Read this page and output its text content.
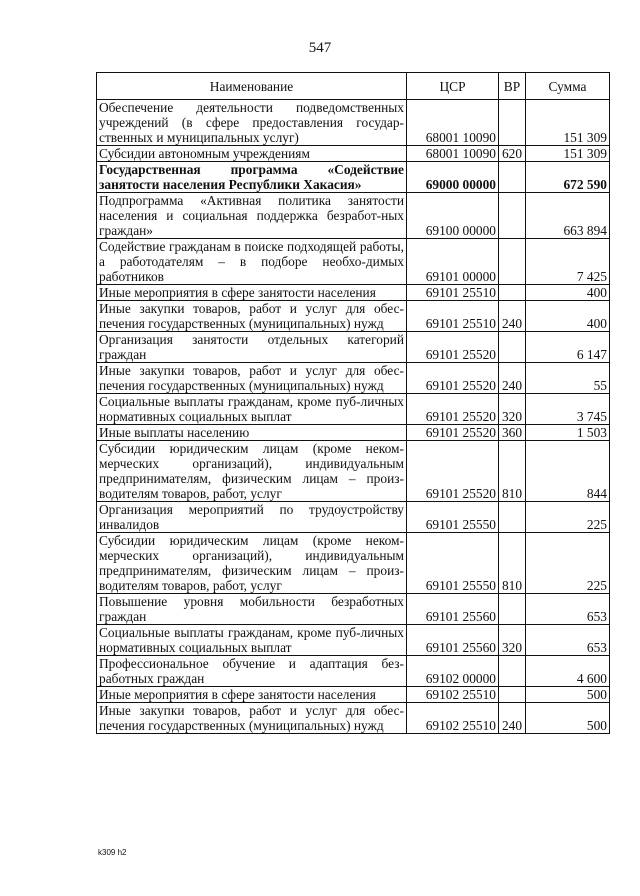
547
Наименование	ЦСР	ВР	Сумма
Обеспечение деятельности подведомственных учреждений (в сфере предоставления государ-ственных и муниципальных услуг)	68001 10090		151 309
Субсидии автономным учреждениям	68001 10090	620	151 309
Государственная программа «Содействие занятости населения Республики Хакасия»	69000 00000		672 590
Подпрограмма «Активная политика занятости населения и социальная поддержка безработ-ных граждан»	69100 00000		663 894
Содействие гражданам в поиске подходящей работы, а работодателям – в подборе необхо-димых работников	69101 00000		7 425
Иные мероприятия в сфере занятости населения	69101 25510		400
Иные закупки товаров, работ и услуг для обес-печения государственных (муниципальных) нужд	69101 25510	240	400
Организация занятости отдельных категорий граждан	69101 25520		6 147
Иные закупки товаров, работ и услуг для обес-печения государственных (муниципальных) нужд	69101 25520	240	55
Социальные выплаты гражданам, кроме пуб-личных нормативных социальных выплат	69101 25520	320	3 745
Иные выплаты населению	69101 25520	360	1 503
Субсидии юридическим лицам (кроме неком-мерческих организаций), индивидуальным предпринимателям, физическим лицам – произ-водителям товаров, работ, услуг	69101 25520	810	844
Организация мероприятий по трудоустройству инвалидов	69101 25550		225
Субсидии юридическим лицам (кроме неком-мерческих организаций), индивидуальным предпринимателям, физическим лицам – произ-водителям товаров, работ, услуг	69101 25550	810	225
Повышение уровня мобильности безработных граждан	69101 25560		653
Социальные выплаты гражданам, кроме пуб-личных нормативных социальных выплат	69101 25560	320	653
Профессиональное обучение и адаптация без-работных граждан	69102 00000		4 600
Иные мероприятия в сфере занятости населения	69102 25510		500
Иные закупки товаров, работ и услуг для обес-печения государственных (муниципальных) нужд	69102 25510	240	500
k309 h2
